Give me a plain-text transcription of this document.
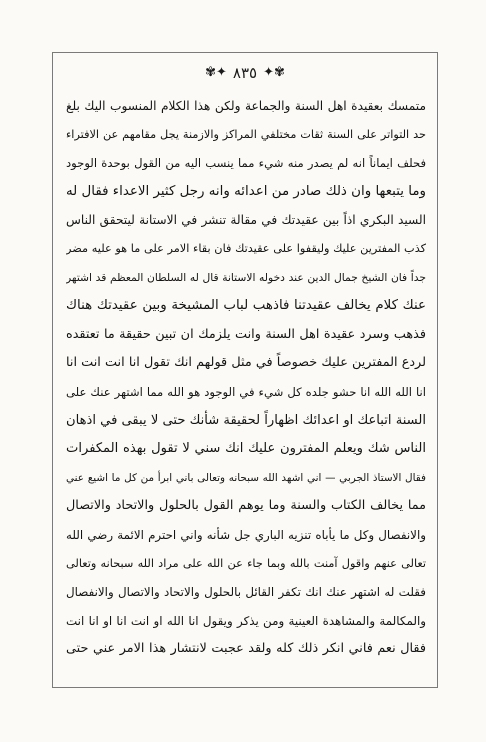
✾✦ ٨٣٥ ✦✾
متمسك بعقيدة اهل السنة والجماعة ولكن هذا الكلام المنسوب اليك بلغ
حد التواتر على السنة ثقات مختلفي المراكز والازمنة يجل مقامهم عن الافتراء
فحلف ايماناً انه لم يصدر منه شيء مما ينسب اليه من القول بوحدة الوجود
وما يتبعها وان ذلك صادر من اعدائه وانه رجل كثير الاعداء فقال له
السيد البكري اذاً بين عقيدتك في مقالة تنشر في الاستانة ليتحقق الناس
كذب المفترين عليك وليقفوا على عقيدتك فان بقاء الامر على ما هو عليه مضر
جداً فان الشيخ جمال الدين عند دخوله الاستانة قال له السلطان المعظم قد اشتهر
عنك كلام يخالف عقيدتنا فاذهب لباب المشيخة وبين عقيدتك هناك
فذهب وسرد عقيدة اهل السنة وانت يلزمك ان تبين حقيقة ما تعتقده
لردع المفترين عليك خصوصاً في مثل قولهم انك تقول انا انت انت انا
انا الله الله انا حشو جلده كل شيء في الوجود هو الله مما اشتهر عنك على
السنة اتباعك او اعدائك اظهاراً لحقيقة شأنك حتى لا يبقى في اذهان
الناس شك ويعلم المفترون عليك انك سني لا تقول بهذه المكفرات
فقال الاستاذ الجربي — اني اشهد الله سبحانه وتعالى باني ابرأ من كل ما اشيع عني
مما يخالف الكتاب والسنة وما يوهم القول بالحلول والاتحاد والاتصال
والانفصال وكل ما يأباه تنزيه الباري جل شأنه واني احترم الائمة رضي الله
تعالى عنهم واقول آمنت بالله وبما جاء عن الله على مراد الله سبحانه وتعالى
فقلت له اشتهر عنك انك تكفر القائل بالحلول والاتحاد والاتصال والانفصال
والمكالمة والمشاهدة العينية ومن يذكر ويقول انا الله او انت انا او انا انت
فقال نعم فاني انكر ذلك كله ولقد عجبت لانتشار هذا الامر عني حتى
